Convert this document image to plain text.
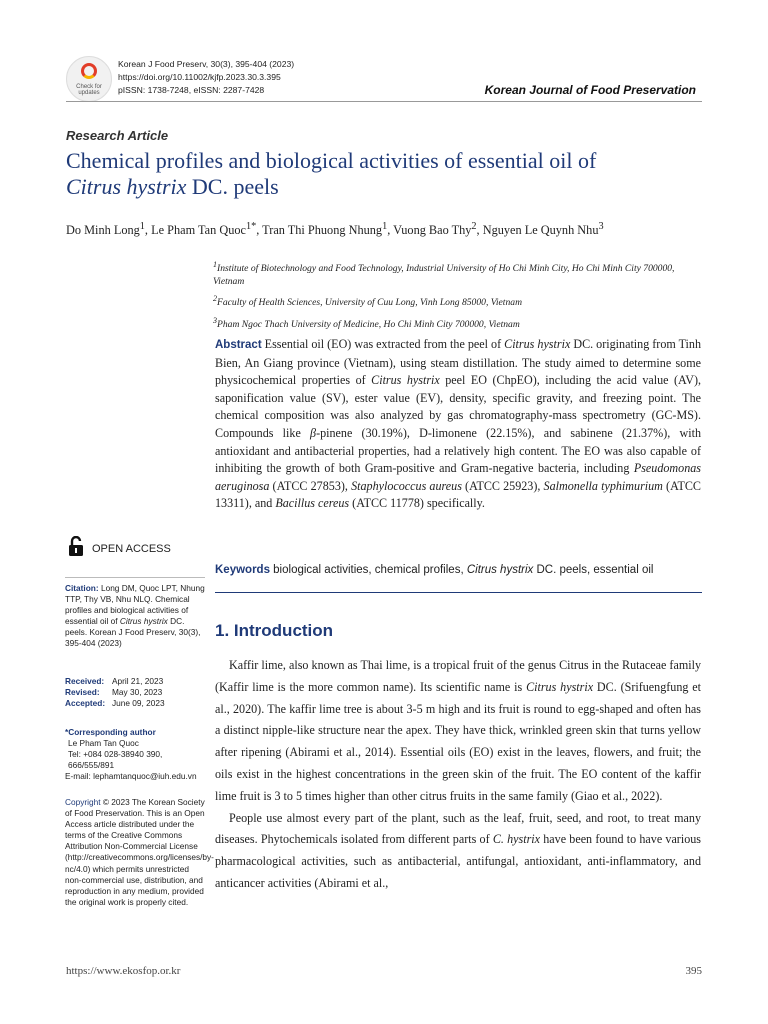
Check for updates
Korean J Food Preserv, 30(3), 395-404 (2023)
https://doi.org/10.11002/kjfp.2023.30.3.395
pISSN: 1738-7248, eISSN: 2287-7428	Korean Journal of Food Preservation
Research Article
Chemical profiles and biological activities of essential oil of
Citrus hystrix DC. peels
Do Minh Long$^1$, Le Pham Tan Quoc$^{1*}$, Tran Thi Phuong Nhung$^1$, Vuong Bao Thy$^2$, Nguyen Le Quynh Nhu$^3$

$^1$Institute of Biotechnology and Food Technology, Industrial University of Ho Chi Minh City, Ho Chi Minh City 700000, Vietnam

$^2$Faculty of Health Sciences, University of Cuu Long, Vinh Long 85000, Vietnam

$^3$Pham Ngoc Thach University of Medicine, Ho Chi Minh City 700000, Vietnam

Abstract Essential oil (EO) was extracted from the peel of Citrus hystrix DC. originating from Tinh Bien, An Giang province (Vietnam), using steam distillation. The study aimed to determine some physicochemical properties of Citrus hystrix peel EO (ChpEO), including the acid value (AV), saponification value (SV), ester value (EV), density, specific gravity, and freezing point. The chemical composition was also analyzed by gas chromatography-mass spectrometry (GC-MS). Compounds like β-pinene (30.19%), D-limonene (22.15%), and sabinene (21.37%), with antioxidant and antibacterial properties, had a relatively high content. The EO was also capable of inhibiting the growth of both Gram-positive and Gram-negative bacteria, including Pseudomonas aeruginosa (ATCC 27853), Staphylococcus aureus (ATCC 25923), Salmonella typhimurium (ATCC 13311), and Bacillus cereus (ATCC 11778) specifically.
OPEN ACCESS
Keywords biological activities, chemical profiles, Citrus hystrix DC. peels, essential oil
Citation: Long DM, Quoc LPT, Nhung TTP, Thy VB, Nhu NLQ. Chemical profiles and biological activities of essential oil of Citrus hystrix DC. peels. Korean J Food Preserv, 30(3), 395-404 (2023)
Received: April 21, 2023
Revised: May 30, 2023
Accepted: June 09, 2023
*Corresponding author
Le Pham Tan Quoc
Tel: +084 028-38940 390, 666/555/891
E-mail: lephamtanquoc@iuh.edu.vn
Copyright © 2023 The Korean Society of Food Preservation. This is an Open Access article distributed under the terms of the Creative Commons Attribution Non-Commercial License (http://creativecommons.org/licenses/by-nc/4.0) which permits unrestricted non-commercial use, distribution, and reproduction in any medium, provided the original work is properly cited.
1. Introduction

Kaffir lime, also known as Thai lime, is a tropical fruit of the genus Citrus in the Rutaceae family (Kaffir lime is the more common name). Its scientific name is Citrus hystrix DC. (Srifuengfung et al., 2020). The kaffir lime tree is about 3-5 m high and its fruit is round to egg-shaped and often has a distinct nipple-like structure near the apex. They have thick, wrinkled green skin that turns yellow after ripening (Abirami et al., 2014). Essential oils (EO) exist in the leaves, flowers, and fruit; the oils exist in the highest concentrations in the green skin of the fruit. The EO content of the kaffir lime fruit is 3 to 5 times higher than other citrus fruits in the same family (Giao et al., 2022).

People use almost every part of the plant, such as the leaf, fruit, seed, and root, to treat many diseases. Phytochemicals isolated from different parts of C. hystrix have been found to have various pharmacological activities, such as antibacterial, antifungal, antioxidant, anti-inflammatory, and anticancer activities (Abirami et al.,

https://www.ekosfop.or.kr	395
